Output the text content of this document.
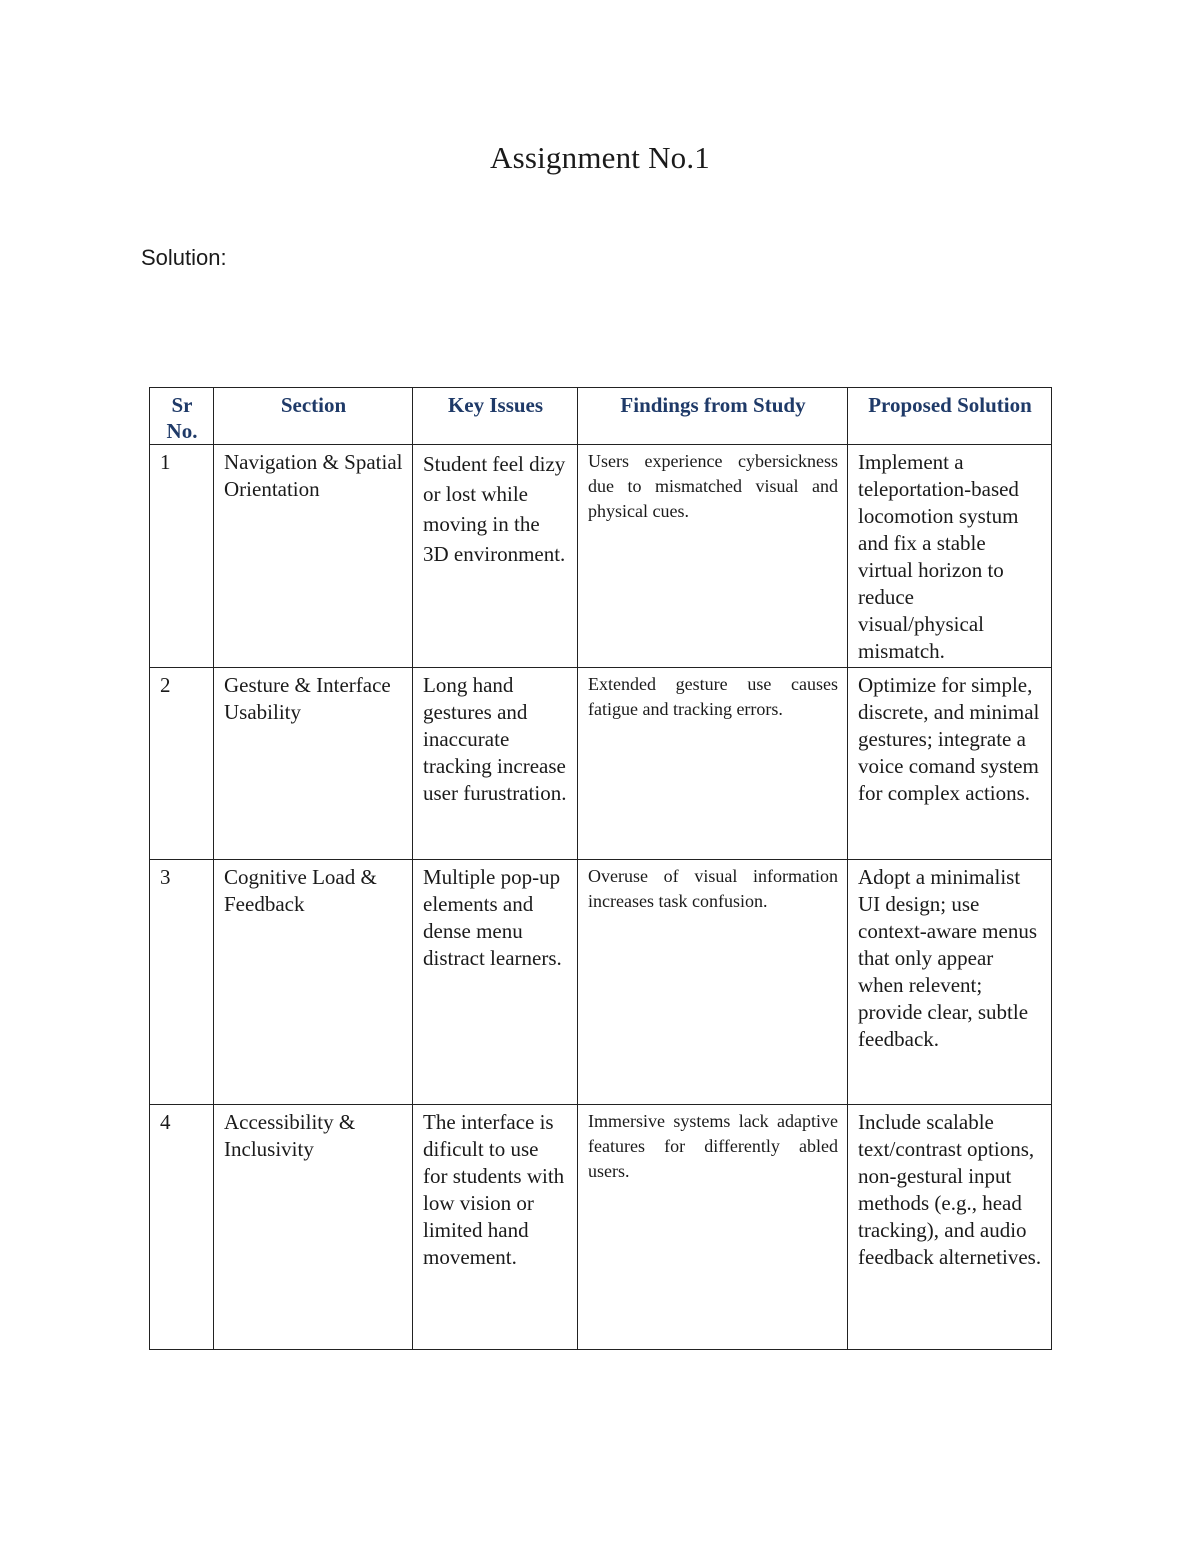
Assignment No.1
Solution:
Sr No.	Section	Key Issues	Findings from Study	Proposed Solution
1	Navigation & Spatial Orientation	Student feel dizy or lost while moving in the 3D environment.	Users experience cybersickness due to mismatched visual and physical cues.	Implement a teleportation-based locomotion systum and fix a stable virtual horizon to reduce visual/physical mismatch.
2	Gesture & Interface Usability	Long hand gestures and inaccurate tracking increase user furustration.	Extended gesture use causes fatigue and tracking errors.	Optimize for simple, discrete, and minimal gestures; integrate a voice comand system for complex actions.
3	Cognitive Load & Feedback	Multiple pop-up elements and dense menu distract learners.	Overuse of visual information increases task confusion.	Adopt a minimalist UI design; use context-aware menus that only appear when relevent; provide clear, subtle feedback.
4	Accessibility & Inclusivity	The interface is dificult to use for students with low vision or limited hand movement.	Immersive systems lack adaptive features for differently abled users.	Include scalable text/contrast options, non-gestural input methods (e.g., head tracking), and audio feedback alternetives.
